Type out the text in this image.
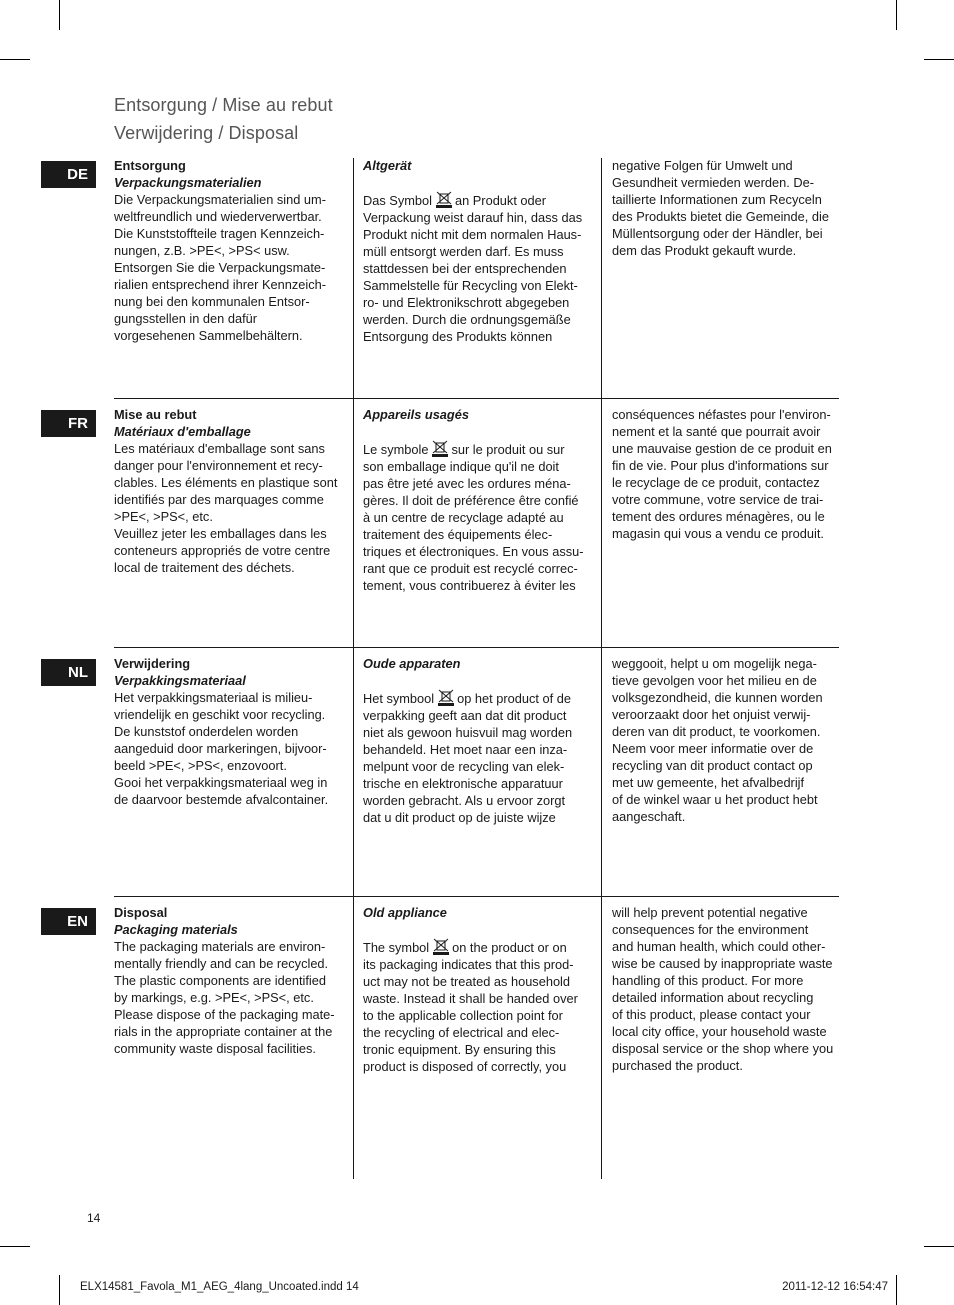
Entsorgung / Mise au rebut
Verwijdering / Disposal
DE
Entsorgung
Verpackungsmaterialien
Die Verpackungsmaterialien sind um-
weltfreundlich und wiederverwertbar.
Die Kunststoffteile tragen Kennzeich-
nungen, z.B. >PE<, >PS< usw.
Entsorgen Sie die Verpackungsmate-
rialien entsprechend ihrer Kennzeich-
nung bei den kommunalen Entsor-
gungsstellen in den dafür
vorgesehenen Sammelbehältern.
Altgerät
Das Symbol an Produkt oder
Verpackung weist darauf hin, dass das
Produkt nicht mit dem normalen Haus-
müll entsorgt werden darf. Es muss
stattdessen bei der entsprechenden
Sammelstelle für Recycling von Elekt-
ro- und Elektronikschrott abgegeben
werden. Durch die ordnungsgemäße
Entsorgung des Produkts können
negative Folgen für Umwelt und
Gesundheit vermieden werden. De-
taillierte Informationen zum Recyceln
des Produkts bietet die Gemeinde, die
Müllentsorgung oder der Händler, bei
dem das Produkt gekauft wurde.
FR
Mise au rebut
Matériaux d'emballage
Les matériaux d'emballage sont sans
danger pour l'environnement et recy-
clables. Les éléments en plastique sont
identifiés par des marquages comme
>PE<, >PS<, etc.
Veuillez jeter les emballages dans les
conteneurs appropriés de votre centre
local de traitement des déchets.
Appareils usagés
Le symbole sur le produit ou sur
son emballage indique qu'il ne doit
pas être jeté avec les ordures ména-
gères. Il doit de préférence être confié
à un centre de recyclage adapté au
traitement des équipements élec-
triques et électroniques. En vous assu-
rant que ce produit est recyclé correc-
tement, vous contribuerez à éviter les
conséquences néfastes pour l'environ-
nement et la santé que pourrait avoir
une mauvaise gestion de ce produit en
fin de vie. Pour plus d'informations sur
le recyclage de ce produit, contactez
votre commune, votre service de trai-
tement des ordures ménagères, ou le
magasin qui vous a vendu ce produit.
NL
Verwijdering
Verpakkingsmateriaal
Het verpakkingsmateriaal is milieu-
vriendelijk en geschikt voor recycling.
De kunststof onderdelen worden
aangeduid door markeringen, bijvoor-
beeld >PE<, >PS<, enzovoort.
Gooi het verpakkingsmateriaal weg in
de daarvoor bestemde afvalcontainer.
Oude apparaten
Het symbool op het product of de
verpakking geeft aan dat dit product
niet als gewoon huisvuil mag worden
behandeld. Het moet naar een inza-
melpunt voor de recycling van elek-
trische en elektronische apparatuur
worden gebracht. Als u ervoor zorgt
dat u dit product op de juiste wijze
weggooit, helpt u om mogelijk nega-
tieve gevolgen voor het milieu en de
volksgezondheid, die kunnen worden
veroorzaakt door het onjuist verwij-
deren van dit product, te voorkomen.
Neem voor meer informatie over de
recycling van dit product contact op
met uw gemeente, het afvalbedrijf
of de winkel waar u het product hebt
aangeschaft.
EN
Disposal
Packaging materials
The packaging materials are environ-
mentally friendly and can be recycled.
The plastic components are identified
by markings, e.g. >PE<, >PS<, etc.
Please dispose of the packaging mate-
rials in the appropriate container at the
community waste disposal facilities.
Old appliance
The symbol on the product or on
its packaging indicates that this prod-
uct may not be treated as household
waste. Instead it shall be handed over
to the applicable collection point for
the recycling of electrical and elec-
tronic equipment. By ensuring this
product is disposed of correctly, you
will help prevent potential negative
consequences for the environment
and human health, which could other-
wise be caused by inappropriate waste
handling of this product. For more
detailed information about recycling
of this product, please contact your
local city office, your household waste
disposal service or the shop where you
purchased the product.
14
ELX14581_Favola_M1_AEG_4lang_Uncoated.indd 14	2011-12-12 16:54:47
